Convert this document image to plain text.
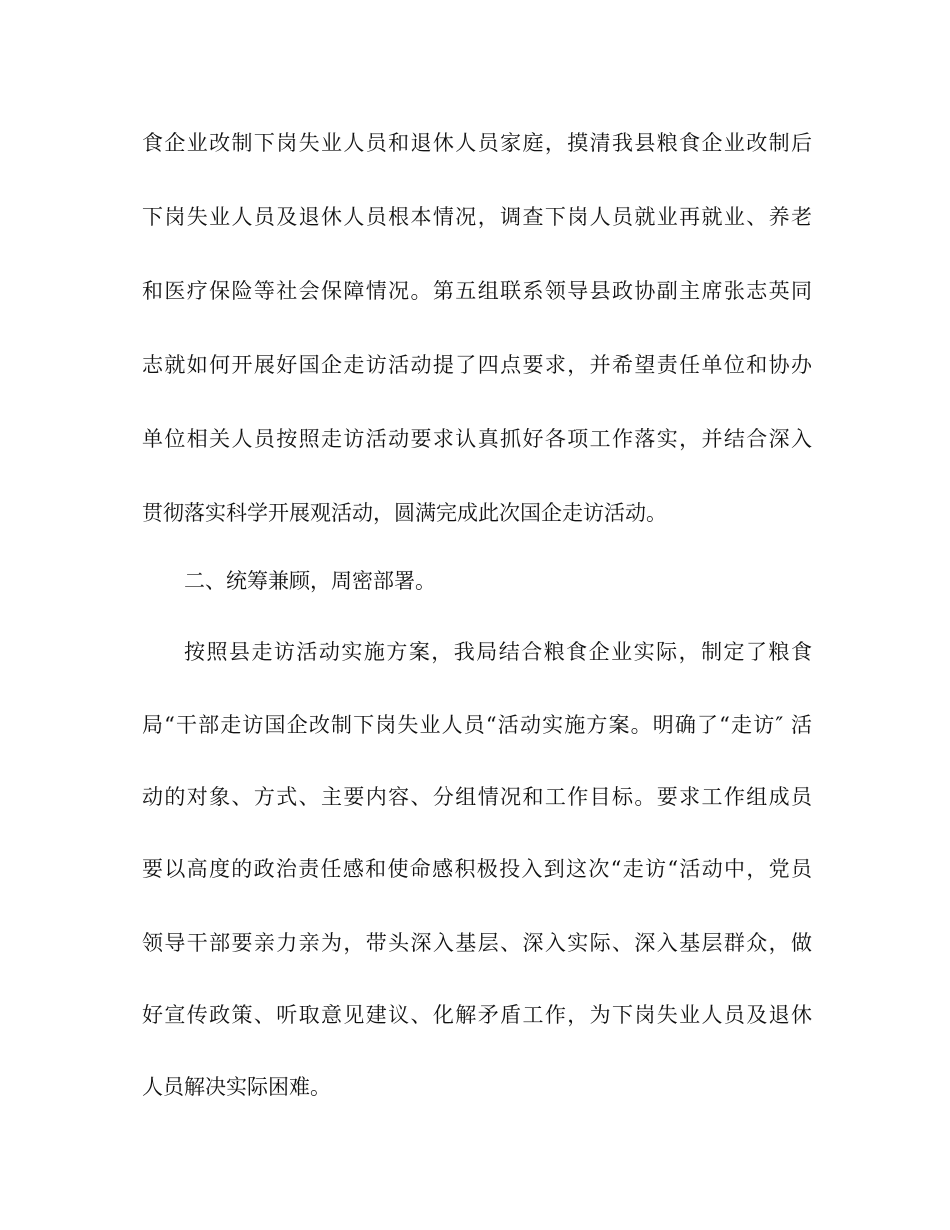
食企业改制下岗失业人员和退休人员家庭，摸清我县粮食企业改制后
下岗失业人员及退休人员根本情况，调查下岗人员就业再就业、养老
和医疗保险等社会保障情况。第五组联系领导县政协副主席张志英同
志就如何开展好国企走访活动提了四点要求，并希望责任单位和协办
单位相关人员按照走访活动要求认真抓好各项工作落实，并结合深入
贯彻落实科学开展观活动，圆满完成此次国企走访活动。
二、统筹兼顾，周密部署。
按照县走访活动实施方案，我局结合粮食企业实际，制定了粮食
局“干部走访国企改制下岗失业人员“活动实施方案。明确了“走访″ 活
动的对象、方式、主要内容、分组情况和工作目标。要求工作组成员
要以高度的政治责任感和使命感积极投入到这次“走访“活动中，党员
领导干部要亲力亲为，带头深入基层、深入实际、深入基层群众，做
好宣传政策、听取意见建议、化解矛盾工作，为下岗失业人员及退休
人员解决实际困难。
